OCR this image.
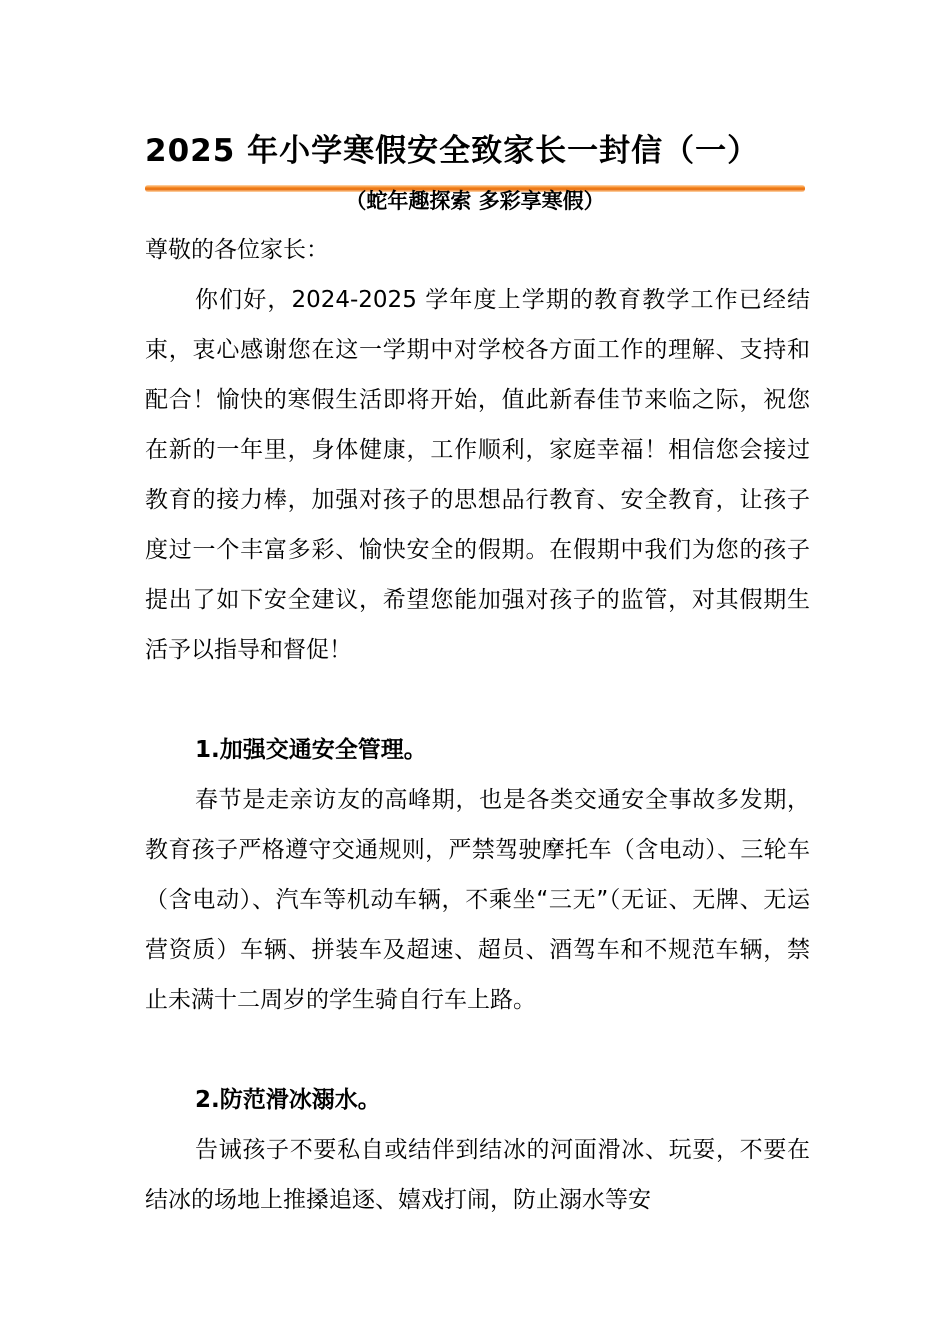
2025 年小学寒假安全致家长一封信（一）
（蛇年趣探索 多彩享寒假）
尊敬的各位家长：
你们好，2024-2025 学年度上学期的教育教学工作已经结束，衷心感谢您在这一学期中对学校各方面工作的理解、支持和配合！愉快的寒假生活即将开始，值此新春佳节来临之际，祝您在新的一年里，身体健康，工作顺利，家庭幸福！相信您会接过教育的接力棒，加强对孩子的思想品行教育、安全教育，让孩子度过一个丰富多彩、愉快安全的假期。在假期中我们为您的孩子提出了如下安全建议，希望您能加强对孩子的监管，对其假期生活予以指导和督促！
1.加强交通安全管理。
春节是走亲访友的高峰期，也是各类交通安全事故多发期，教育孩子严格遵守交通规则，严禁驾驶摩托车（含电动）、三轮车（含电动）、汽车等机动车辆，不乘坐“三无”（无证、无牌、无运营资质）车辆、拼装车及超速、超员、酒驾车和不规范车辆，禁止未满十二周岁的学生骑自行车上路。
2.防范滑冰溺水。
告诫孩子不要私自或结伴到结冰的河面滑冰、玩耍，不要在结冰的场地上推搡追逐、嬉戏打闹，防止溺水等安
